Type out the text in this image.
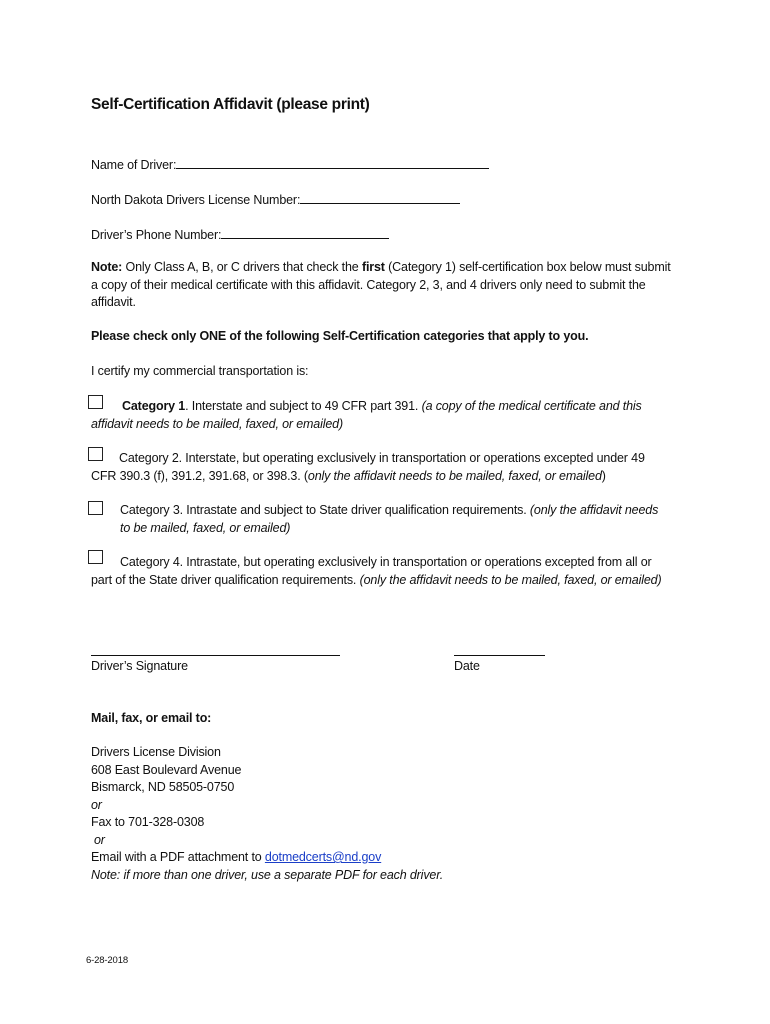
Self-Certification Affidavit (please print)
Name of Driver:
North Dakota Drivers License Number:
Driver’s Phone Number:
Note: Only Class A, B, or C drivers that check the first (Category 1) self-certification box below must submit a copy of their medical certificate with this affidavit. Category 2, 3, and 4 drivers only need to submit the affidavit.
Please check only ONE of the following Self-Certification categories that apply to you.
I certify my commercial transportation is:
Category 1. Interstate and subject to 49 CFR part 391. (a copy of the medical certificate and this affidavit needs to be mailed, faxed, or emailed)
Category 2. Interstate, but operating exclusively in transportation or operations excepted under 49 CFR 390.3 (f), 391.2, 391.68, or 398.3. (only the affidavit needs to be mailed, faxed, or emailed)
Category 3. Intrastate and subject to State driver qualification requirements. (only the affidavit needs to be mailed, faxed, or emailed)
Category 4. Intrastate, but operating exclusively in transportation or operations excepted from all or part of the State driver qualification requirements. (only the affidavit needs to be mailed, faxed, or emailed)
Driver’s Signature	Date
Mail, fax, or email to:
Drivers License Division
608 East Boulevard Avenue
Bismarck, ND 58505-0750
or
Fax to 701-328-0308
or
Email with a PDF attachment to dotmedcerts@nd.gov
Note: if more than one driver, use a separate PDF for each driver.
6-28-2018
